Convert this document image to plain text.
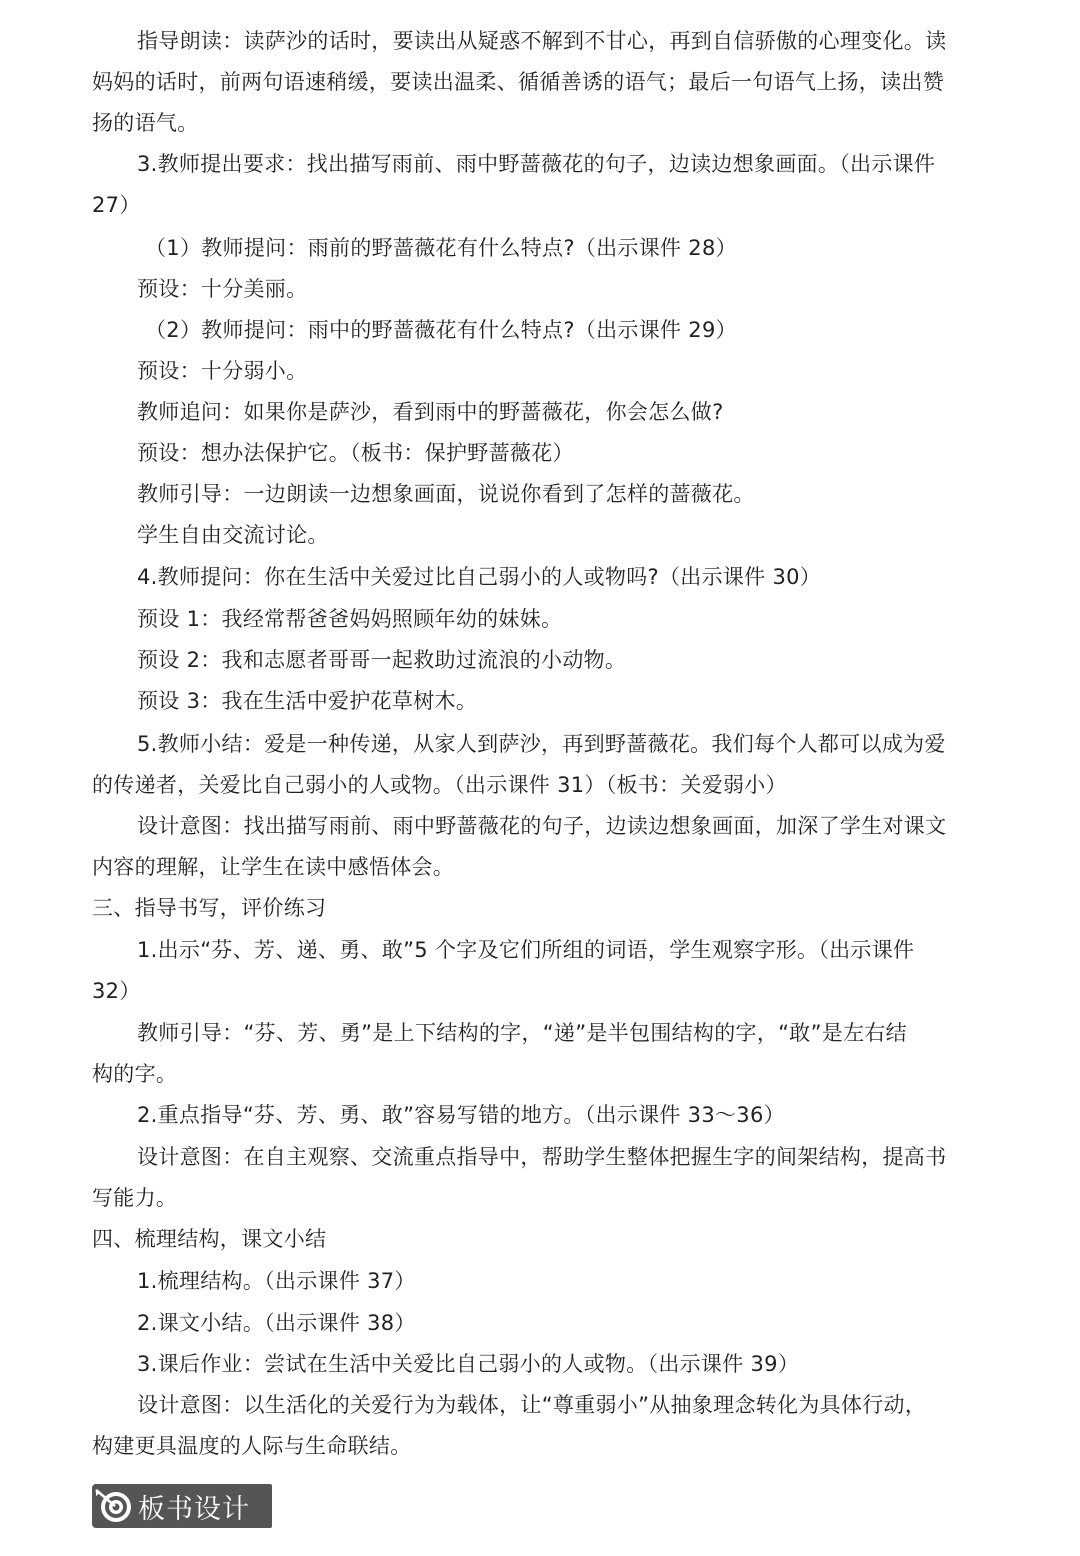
指导朗读：读萨沙的话时，要读出从疑惑不解到不甘心，再到自信骄傲的心理变化。读
妈妈的话时，前两句语速稍缓，要读出温柔、循循善诱的语气；最后一句语气上扬，读出赞
扬的语气。
3.教师提出要求：找出描写雨前、雨中野蔷薇花的句子，边读边想象画面。（出示课件
27）
（1）教师提问：雨前的野蔷薇花有什么特点?（出示课件 28）
预设：十分美丽。
（2）教师提问：雨中的野蔷薇花有什么特点?（出示课件 29）
预设：十分弱小。
教师追问：如果你是萨沙，看到雨中的野蔷薇花，你会怎么做?
预设：想办法保护它。（板书：保护野蔷薇花）
教师引导：一边朗读一边想象画面，说说你看到了怎样的蔷薇花。
学生自由交流讨论。
4.教师提问：你在生活中关爱过比自己弱小的人或物吗?（出示课件 30）
预设 1：我经常帮爸爸妈妈照顾年幼的妹妹。
预设 2：我和志愿者哥哥一起救助过流浪的小动物。
预设 3：我在生活中爱护花草树木。
5.教师小结：爱是一种传递，从家人到萨沙，再到野蔷薇花。我们每个人都可以成为爱
的传递者，关爱比自己弱小的人或物。（出示课件 31）（板书：关爱弱小）
设计意图：找出描写雨前、雨中野蔷薇花的句子，边读边想象画面，加深了学生对课文
内容的理解，让学生在读中感悟体会。
三、指导书写，评价练习
1.出示“芬、芳、递、勇、敢”5 个字及它们所组的词语，学生观察字形。（出示课件
32）
教师引导：“芬、芳、勇”是上下结构的字，“递”是半包围结构的字，“敢”是左右结
构的字。
2.重点指导“芬、芳、勇、敢”容易写错的地方。（出示课件 33～36）
设计意图：在自主观察、交流重点指导中，帮助学生整体把握生字的间架结构，提高书
写能力。
四、梳理结构，课文小结
1.梳理结构。（出示课件 37）
2.课文小结。（出示课件 38）
3.课后作业：尝试在生活中关爱比自己弱小的人或物。（出示课件 39）
设计意图：以生活化的关爱行为为载体，让“尊重弱小”从抽象理念转化为具体行动，
构建更具温度的人际与生命联结。
板书设计
